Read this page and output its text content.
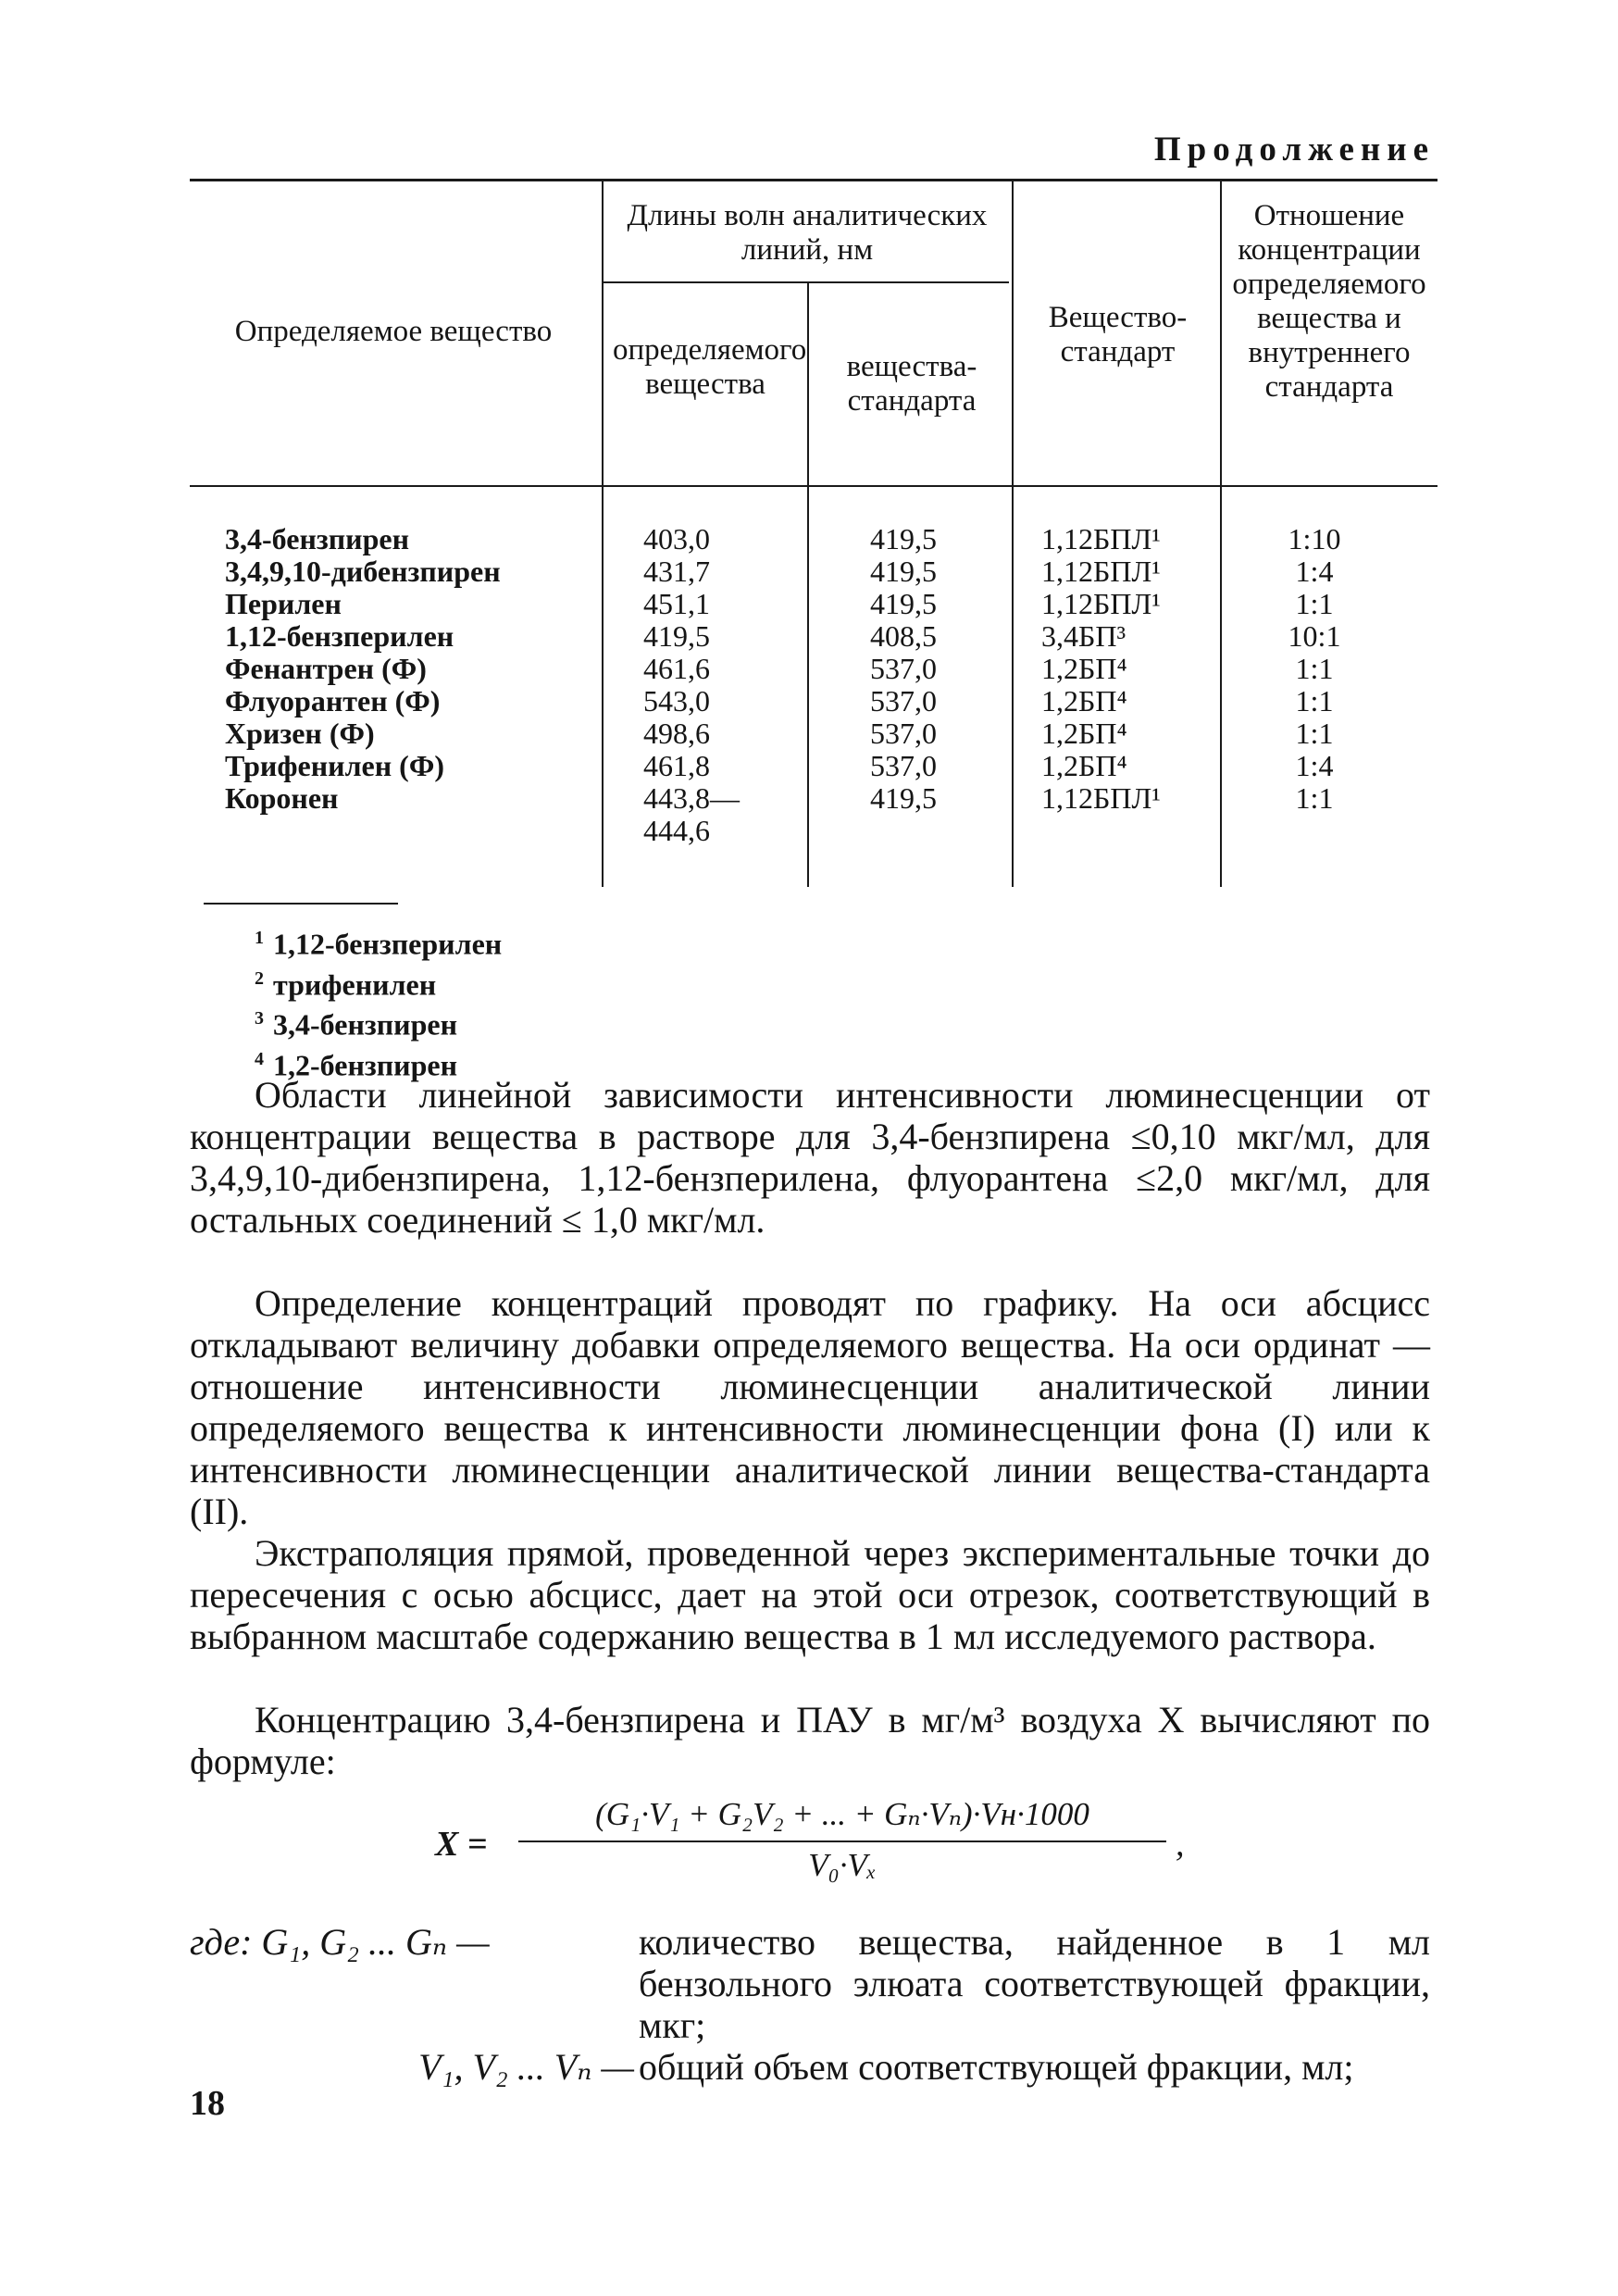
Продолжение
Определяемое вещество
Длины волн аналитических линий, нм
определяемого вещества
вещества-стандарта
Вещество-стандарт
Отношение концентрации определяемого вещества и внутреннего стандарта
3,4-бензпирен
3,4,9,10-дибензпирен
Перилен
1,12-бензперилен
Фенантрен (Ф)
Флуорантен (Ф)
Хризен (Ф)
Трифенилен (Ф)
Коронен
403,0
431,7
451,1
419,5
461,6
543,0
498,6
461,8
443,8—
444,6
419,5
419,5
419,5
408,5
537,0
537,0
537,0
537,0
419,5
1,12БПЛ¹
1,12БПЛ¹
1,12БПЛ¹
3,4БП³
1,2БП⁴
1,2БП⁴
1,2БП⁴
1,2БП⁴
1,12БПЛ¹
1:10
1:4
1:1
10:1
1:1
1:1
1:1
1:4
1:1
$^1$ 1,12-бензперилен
$^2$ трифенилен
$^3$ 3,4-бензпирен
$^4$ 1,2-бензпирен
Области линейной зависимости интенсивности люминесценции от концентрации вещества в растворе для 3,4-бензпирена ≤0,10 мкг/мл, для 3,4,9,10-дибензпирена, 1,12-бензперилена, флуорантена ≤2,0 мкг/мл, для остальных соединений ≤ 1,0 мкг/мл.
Определение концентраций проводят по графику. На оси абсцисс откладывают величину добавки определяемого вещества. На оси ординат — отношение интенсивности люминесценции аналитической линии определяемого вещества к интенсивности люминесценции фона (I) или к интенсивности люминесценции аналитической линии вещества-стандарта (II).
Экстраполяция прямой, проведенной через экспериментальные точки до пересечения с осью абсцисс, дает на этой оси отрезок, соответствующий в выбранном масштабе содержанию вещества в 1 мл исследуемого раствора.
Концентрацию 3,4-бензпирена и ПАУ в мг/м³ воздуха X вычисляют по формуле:
X =
(G₁·V₁ + G₂V₂ + ... + Gₙ·Vₙ)·Vн·1000
V₀·Vₓ
,
где: G₁, G₂ ... Gₙ —	количество вещества, найденное в 1 мл бензольного элюата соответствующей фракции, мкг;
V₁, V₂ ... Vₙ — общий объем соответствующей фракции, мл;
18
